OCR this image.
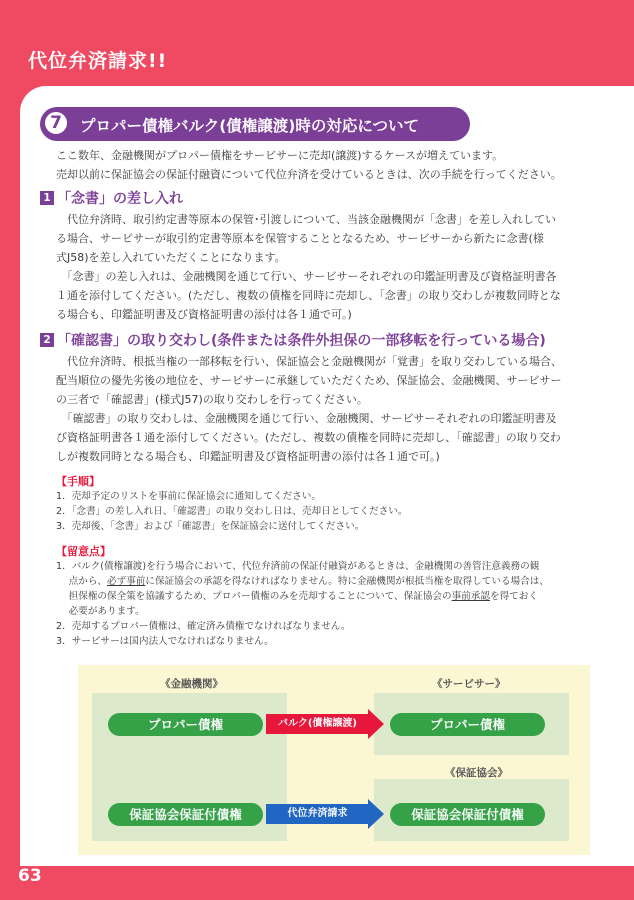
代位弁済請求!!
7	プロパー債権バルク(債権譲渡)時の対応について
ここ数年、金融機関がプロパー債権をサービサーに売却(譲渡)するケースが増えています。
売却以前に保証協会の保証付融資について代位弁済を受けているときは、次の手続を行ってください。
1 「念書」の差し入れ
　代位弁済時、取引約定書等原本の保管･引渡しについて、当該金融機関が「念書」を差し入れしてい
る場合、サービサーが取引約定書等原本を保管することとなるため、サービサーから新たに念書(様
式J58)を差し入れていただくことになります。
　「念書」の差し入れは、金融機関を通じて行い、サービサーそれぞれの印鑑証明書及び資格証明書各
１通を添付してください。(ただし、複数の債権を同時に売却し、「念書」の取り交わしが複数同時とな
る場合も、印鑑証明書及び資格証明書の添付は各１通で可。)
2 「確認書」の取り交わし(条件または条件外担保の一部移転を行っている場合)
　代位弁済時、根抵当権の一部移転を行い、保証協会と金融機関が「覚書」を取り交わしている場合、
配当順位の優先劣後の地位を、サービサーに承継していただくため、保証協会、金融機関、サービサー
の三者で「確認書」(様式J57)の取り交わしを行ってください。
　「確認書」の取り交わしは、金融機関を通じて行い、金融機関、サービサーそれぞれの印鑑証明書及
び資格証明書各１通を添付してください。(ただし、複数の債権を同時に売却し、「確認書」の取り交わ
しが複数同時となる場合も、印鑑証明書及び資格証明書の添付は各１通で可。)
【手順】
1．売却予定のリストを事前に保証協会に通知してください。
2．「念書」の差し入れ日、「確認書」の取り交わし日は、売却日としてください。
3．売却後、「念書」および「確認書」を保証協会に送付してください。
【留意点】
1．バルク(債権譲渡)を行う場合において、代位弁済前の保証付融資があるときは、金融機関の善管注意義務の観
　 点から、必ず事前に保証協会の承認を得なければなりません。特に金融機関が根抵当権を取得している場合は、
　 担保権の保全策を協議するため、プロパー債権のみを売却することについて、保証協会の事前承認を得ておく
　 必要があります。
2．売却するプロパー債権は、確定済み債権でなければなりません。
3．サービサーは国内法人でなければなりません。
《金融機関》	《サービサー》
《保証協会》
プロパー債権	プロパー債権
保証協会保証付債権	保証協会保証付債権
バルク(債権譲渡)
代位弁済請求
63
